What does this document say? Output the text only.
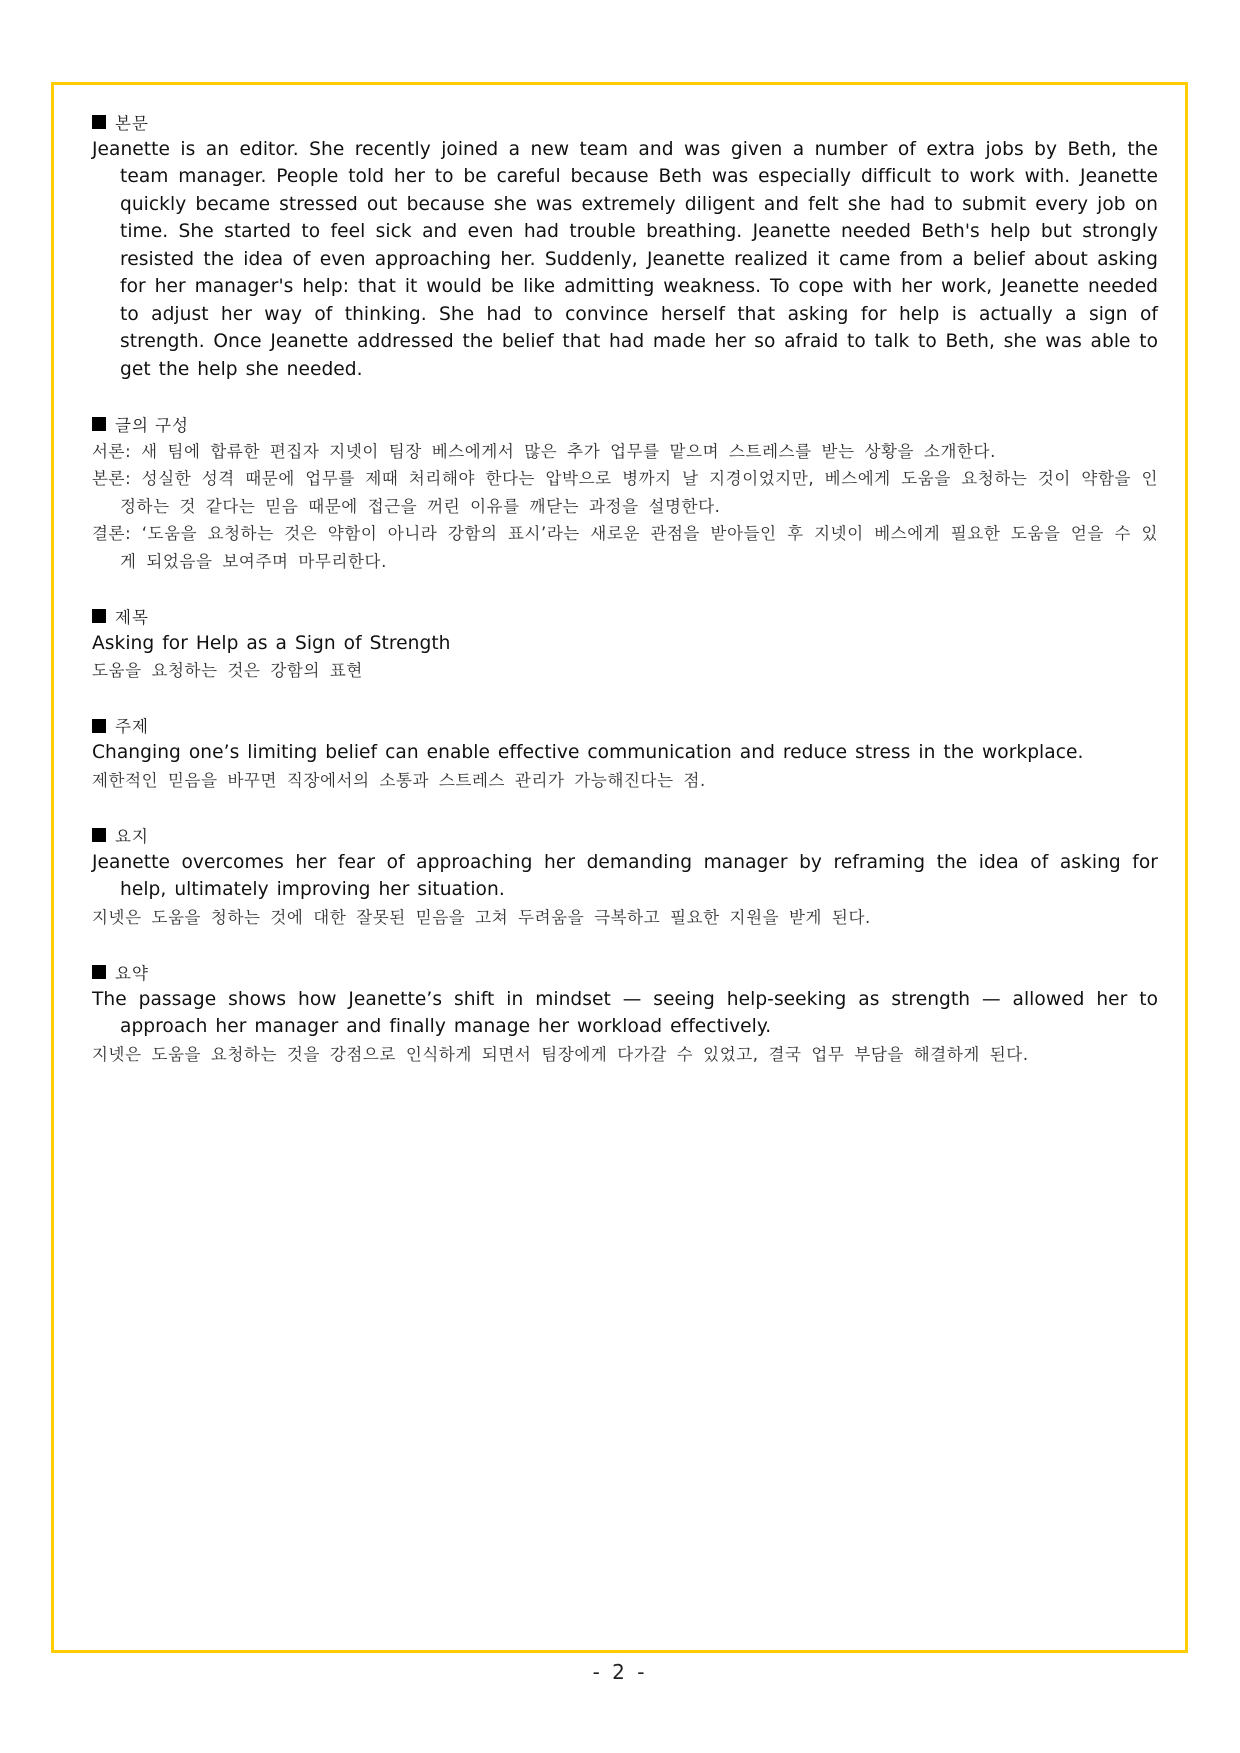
본문

Jeanette is an editor. She recently joined a new team and was given a number of extra jobs by Beth, the team manager. People told her to be careful because Beth was especially difficult to work with. Jeanette quickly became stressed out because she was extremely diligent and felt she had to submit every job on time. She started to feel sick and even had trouble breathing. Jeanette needed Beth's help but strongly resisted the idea of even approaching her. Suddenly, Jeanette realized it came from a belief about asking for her manager's help: that it would be like admitting weakness. To cope with her work, Jeanette needed to adjust her way of thinking. She had to convince herself that asking for help is actually a sign of strength. Once Jeanette addressed the belief that had made her so afraid to talk to Beth, she was able to get the help she needed.

글의 구성

서론: 새 팀에 합류한 편집자 지넷이 팀장 베스에게서 많은 추가 업무를 맡으며 스트레스를 받는 상황을 소개한다.

본론: 성실한 성격 때문에 업무를 제때 처리해야 한다는 압박으로 병까지 날 지경이었지만, 베스에게 도움을 요청하는 것이 약함을 인정하는 것 같다는 믿음 때문에 접근을 꺼린 이유를 깨닫는 과정을 설명한다.

결론: ‘도움을 요청하는 것은 약함이 아니라 강함의 표시’라는 새로운 관점을 받아들인 후 지넷이 베스에게 필요한 도움을 얻을 수 있게 되었음을 보여주며 마무리한다.

제목

Asking for Help as a Sign of Strength

도움을 요청하는 것은 강함의 표현

주제

Changing one’s limiting belief can enable effective communication and reduce stress in the workplace.

제한적인 믿음을 바꾸면 직장에서의 소통과 스트레스 관리가 가능해진다는 점.

요지

Jeanette overcomes her fear of approaching her demanding manager by reframing the idea of asking for help, ultimately improving her situation.

지넷은 도움을 청하는 것에 대한 잘못된 믿음을 고쳐 두려움을 극복하고 필요한 지원을 받게 된다.

요약

The passage shows how Jeanette’s shift in mindset — seeing help-seeking as strength — allowed her to approach her manager and finally manage her workload effectively.

지넷은 도움을 요청하는 것을 강점으로 인식하게 되면서 팀장에게 다가갈 수 있었고, 결국 업무 부담을 해결하게 된다.

- 2 -
